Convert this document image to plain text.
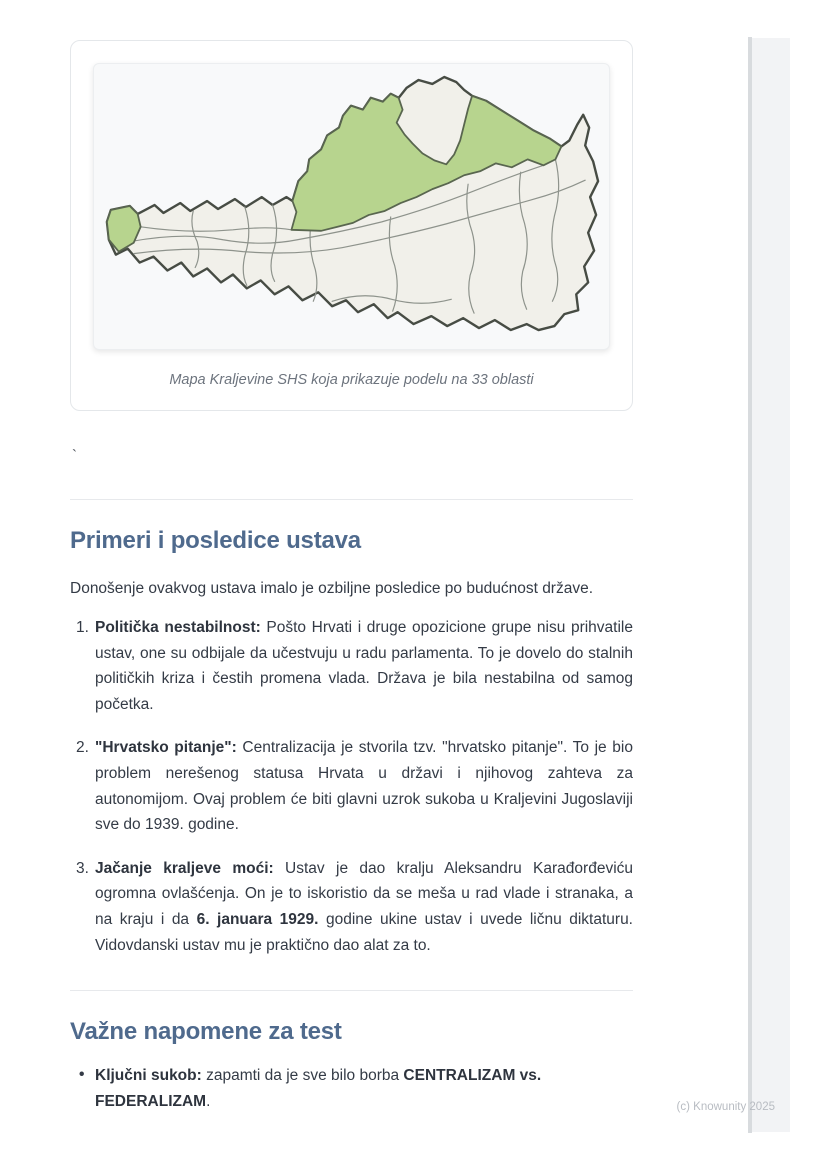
Mapa Kraljevine SHS koja prikazuje podelu na 33 oblasti
`
Primeri i posledice ustava

Donošenje ovakvog ustava imalo je ozbiljne posledice po budućnost države.

1. Politička nestabilnost: Pošto Hrvati i druge opozicione grupe nisu prihvatile ustav, one su odbijale da učestvuju u radu parlamenta. To je dovelo do stalnih političkih kriza i čestih promena vlada. Država je bila nestabilna od samog početka.
2. "Hrvatsko pitanje": Centralizacija je stvorila tzv. "hrvatsko pitanje". To je bio problem nerešenog statusa Hrvata u državi i njihovog zahteva za autonomijom. Ovaj problem će biti glavni uzrok sukoba u Kraljevini Jugoslaviji sve do 1939. godine.
3. Jačanje kraljeve moći: Ustav je dao kralju Aleksandru Karađorđeviću ogromna ovlašćenja. On je to iskoristio da se meša u rad vlade i stranaka, a na kraju i da 6. januara 1929. godine ukine ustav i uvede ličnu diktaturu. Vidovdanski ustav mu je praktično dao alat za to.
Važne napomene za test
• Ključni sukob: zapamti da je sve bilo borba CENTRALIZAM vs. FEDERALIZAM.	(c) Knowunity 2025
